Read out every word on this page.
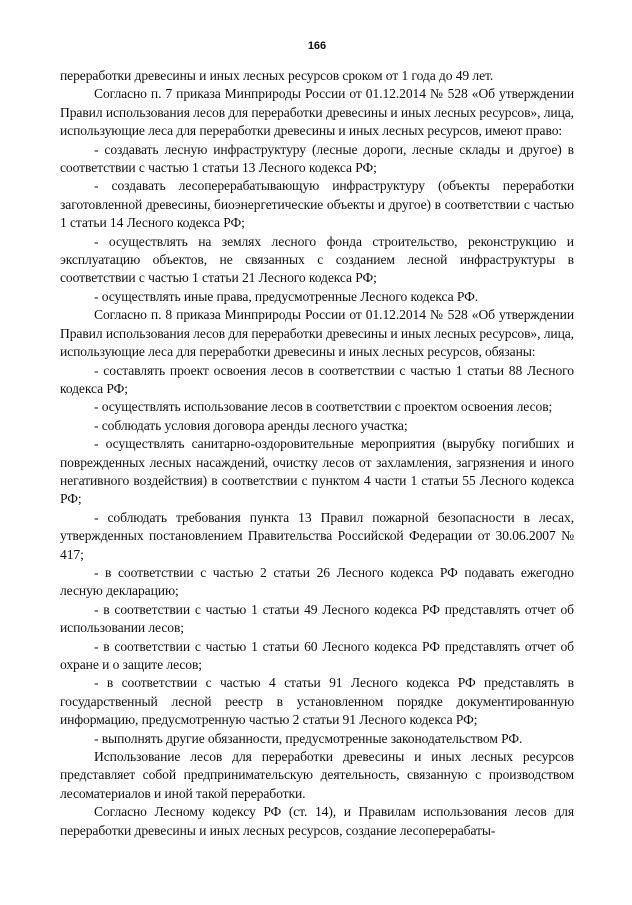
166

переработки древесины и иных лесных ресурсов сроком от 1 года до 49 лет.

Согласно п. 7 приказа Минприроды России от 01.12.2014 № 528 «Об утверждении Правил использования лесов для переработки древесины и иных лесных ресурсов», лица, использующие леса для переработки древесины и иных лесных ресурсов, имеют право:

- создавать лесную инфраструктуру (лесные дороги, лесные склады и другое) в соответствии с частью 1 статьи 13 Лесного кодекса РФ;

- создавать лесоперерабатывающую инфраструктуру (объекты переработки заготовленной древесины, биоэнергетические объекты и другое) в соответствии с частью 1 статьи 14 Лесного кодекса РФ;

- осуществлять на землях лесного фонда строительство, реконструкцию и эксплуатацию объектов, не связанных с созданием лесной инфраструктуры в соответствии с частью 1 статьи 21 Лесного кодекса РФ;

- осуществлять иные права, предусмотренные Лесного кодекса РФ.

Согласно п. 8 приказа Минприроды России от 01.12.2014 № 528 «Об утверждении Правил использования лесов для переработки древесины и иных лесных ресурсов», лица, использующие леса для переработки древесины и иных лесных ресурсов, обязаны:

- составлять проект освоения лесов в соответствии с частью 1 статьи 88 Лесного кодекса РФ;

- осуществлять использование лесов в соответствии с проектом освоения лесов;

- соблюдать условия договора аренды лесного участка;

- осуществлять санитарно-оздоровительные мероприятия (вырубку погибших и поврежденных лесных насаждений, очистку лесов от захламления, загрязнения и иного негативного воздействия) в соответствии с пунктом 4 части 1 статьи 55 Лесного кодекса РФ;

- соблюдать требования пункта 13 Правил пожарной безопасности в лесах, утвержденных постановлением Правительства Российской Федерации от 30.06.2007 № 417;

- в соответствии с частью 2 статьи 26 Лесного кодекса РФ подавать ежегодно лесную декларацию;

- в соответствии с частью 1 статьи 49 Лесного кодекса РФ представлять отчет об использовании лесов;

- в соответствии с частью 1 статьи 60 Лесного кодекса РФ представлять отчет об охране и о защите лесов;

- в соответствии с частью 4 статьи 91 Лесного кодекса РФ представлять в государственный лесной реестр в установленном порядке документированную информацию, предусмотренную частью 2 статьи 91 Лесного кодекса РФ;

- выполнять другие обязанности, предусмотренные законодательством РФ.

Использование лесов для переработки древесины и иных лесных ресурсов представляет собой предпринимательскую деятельность, связанную с производством лесоматериалов и иной такой переработки.

Согласно Лесному кодексу РФ (ст. 14), и Правилам использования лесов для переработки древесины и иных лесных ресурсов, создание лесоперерабаты-
